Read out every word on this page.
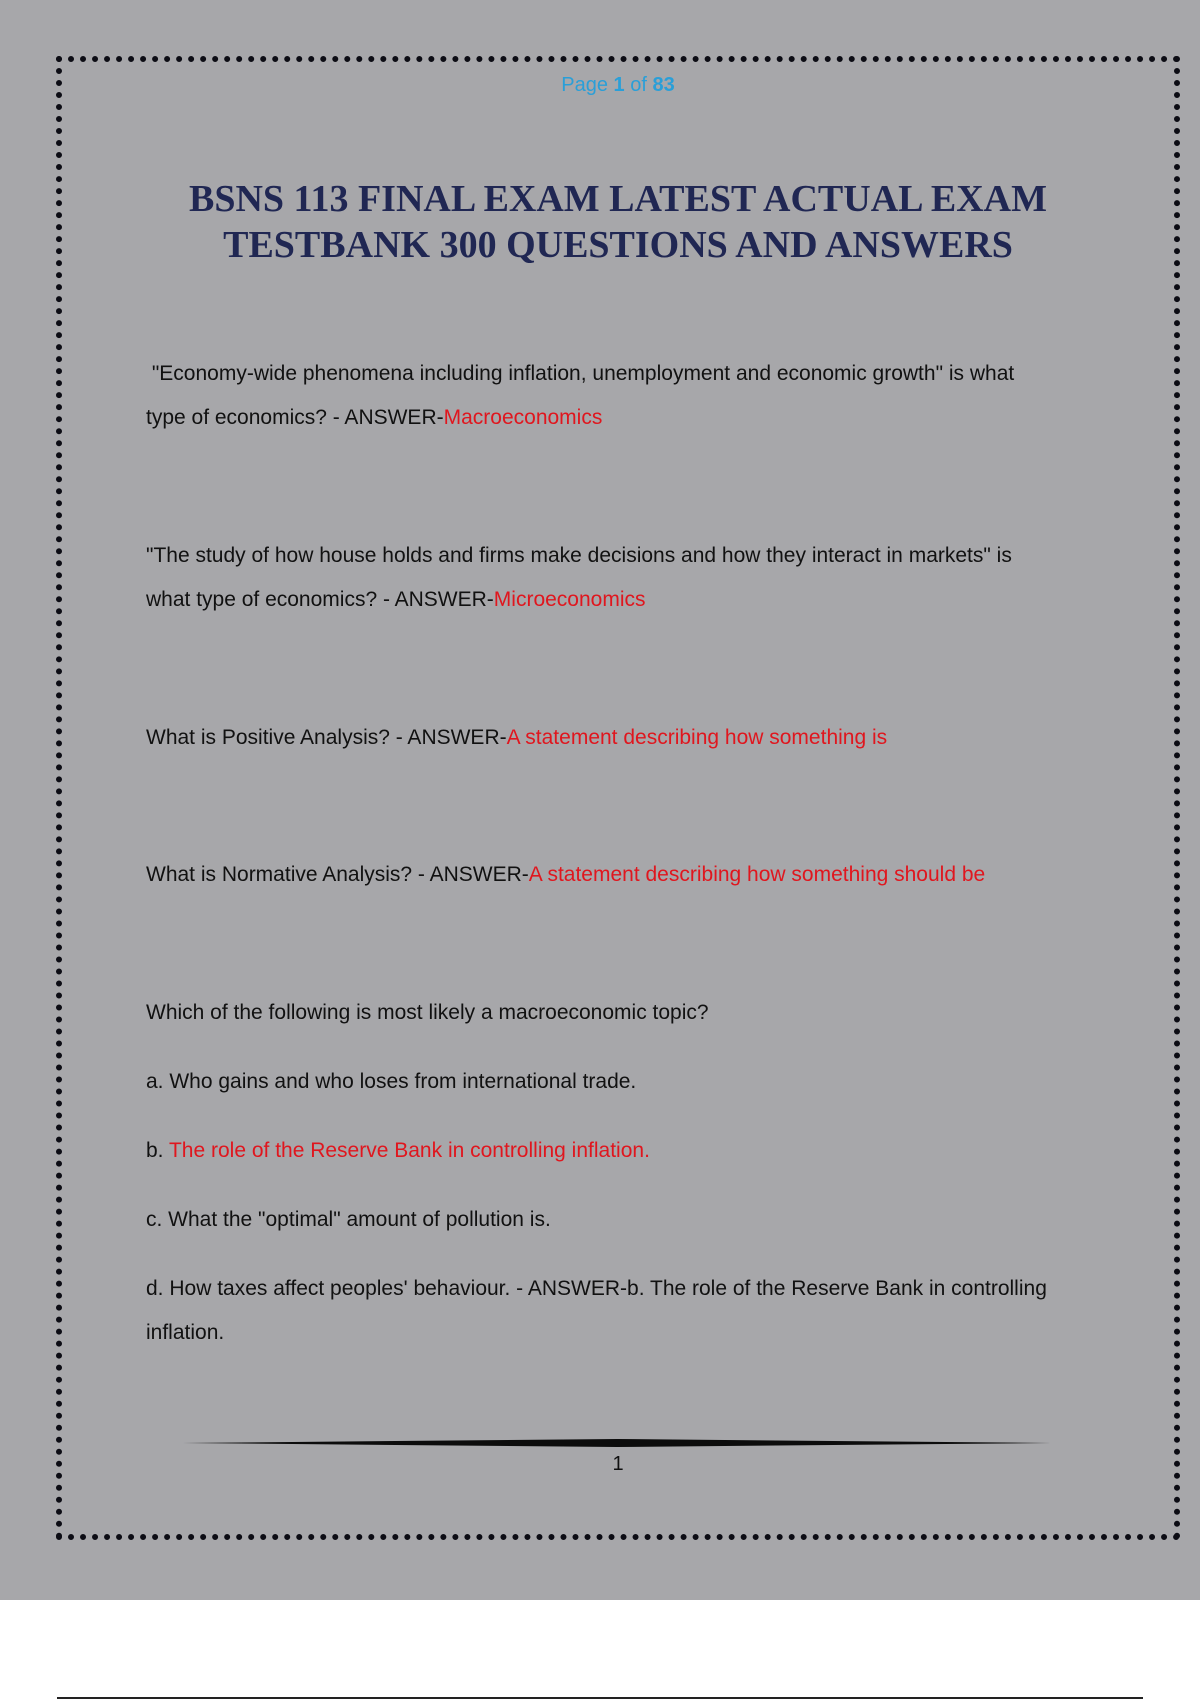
Page 1 of 83
BSNS 113 FINAL EXAM LATEST ACTUAL EXAM
TESTBANK 300 QUESTIONS AND ANSWERS
"Economy-wide phenomena including inflation, unemployment and economic growth" is what
type of economics? - ANSWER-Macroeconomics
"The study of how house holds and firms make decisions and how they interact in markets" is
what type of economics? - ANSWER-Microeconomics
What is Positive Analysis? - ANSWER-A statement describing how something is
What is Normative Analysis? - ANSWER-A statement describing how something should be
Which of the following is most likely a macroeconomic topic?
a. Who gains and who loses from international trade.
b. The role of the Reserve Bank in controlling inflation.
c. What the "optimal" amount of pollution is.
d. How taxes affect peoples' behaviour. - ANSWER-b. The role of the Reserve Bank in controlling
inflation.
1
